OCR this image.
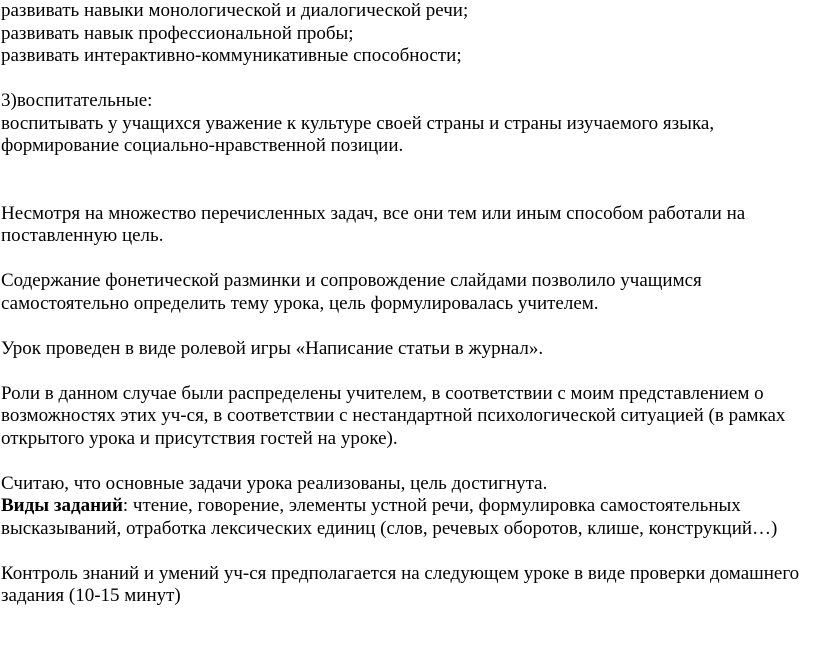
развивать навыки монологической и диалогической речи;

развивать навык профессиональной пробы;

развивать интерактивно-коммуникативные способности;

3)воспитательные:

воспитывать у учащихся уважение к культуре своей страны и страны изучаемого языка, формирование социально-нравственной позиции.

Несмотря на множество перечисленных задач, все они тем или иным способом работали на поставленную цель.

Содержание фонетической разминки и сопровождение слайдами позволило учащимся самостоятельно определить тему урока, цель формулировалась учителем.

Урок проведен в виде ролевой игры «Написание статьи в журнал».

Роли в данном случае были распределены учителем, в соответствии с моим представлением о возможностях этих уч-ся, в соответствии с нестандартной психологической ситуацией (в рамках открытого урока и присутствия гостей на уроке).

Считаю, что основные задачи урока реализованы, цель достигнута.

Виды заданий: чтение, говорение, элементы устной речи, формулировка самостоятельных высказываний, отработка лексических единиц (слов, речевых оборотов, клише, конструкций…)

Контроль знаний и умений уч-ся предполагается на следующем уроке в виде проверки домашнего задания (10-15 минут)
